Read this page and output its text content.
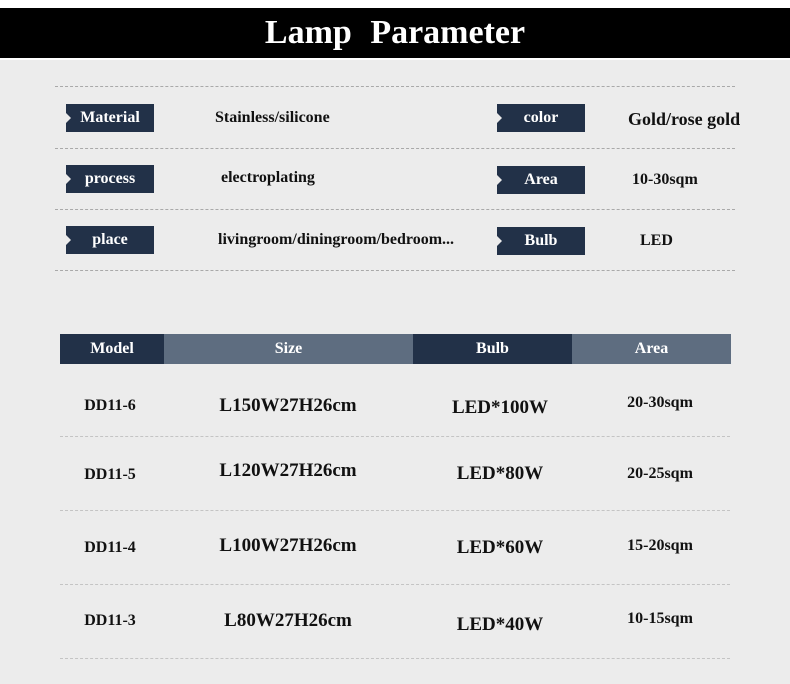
Lamp Parameter
Material	Stainless/silicone	color	Gold/rose gold
process	electroplating	Area	10-30sqm
place	livingroom/diningroom/bedroom...	Bulb	LED
Model	Size	Bulb	Area
DD11-6	L150W27H26cm	LED*100W	20-30sqm
DD11-5	L120W27H26cm	LED*80W	20-25sqm
DD11-4	L100W27H26cm	LED*60W	15-20sqm
DD11-3	L80W27H26cm	LED*40W	10-15sqm
